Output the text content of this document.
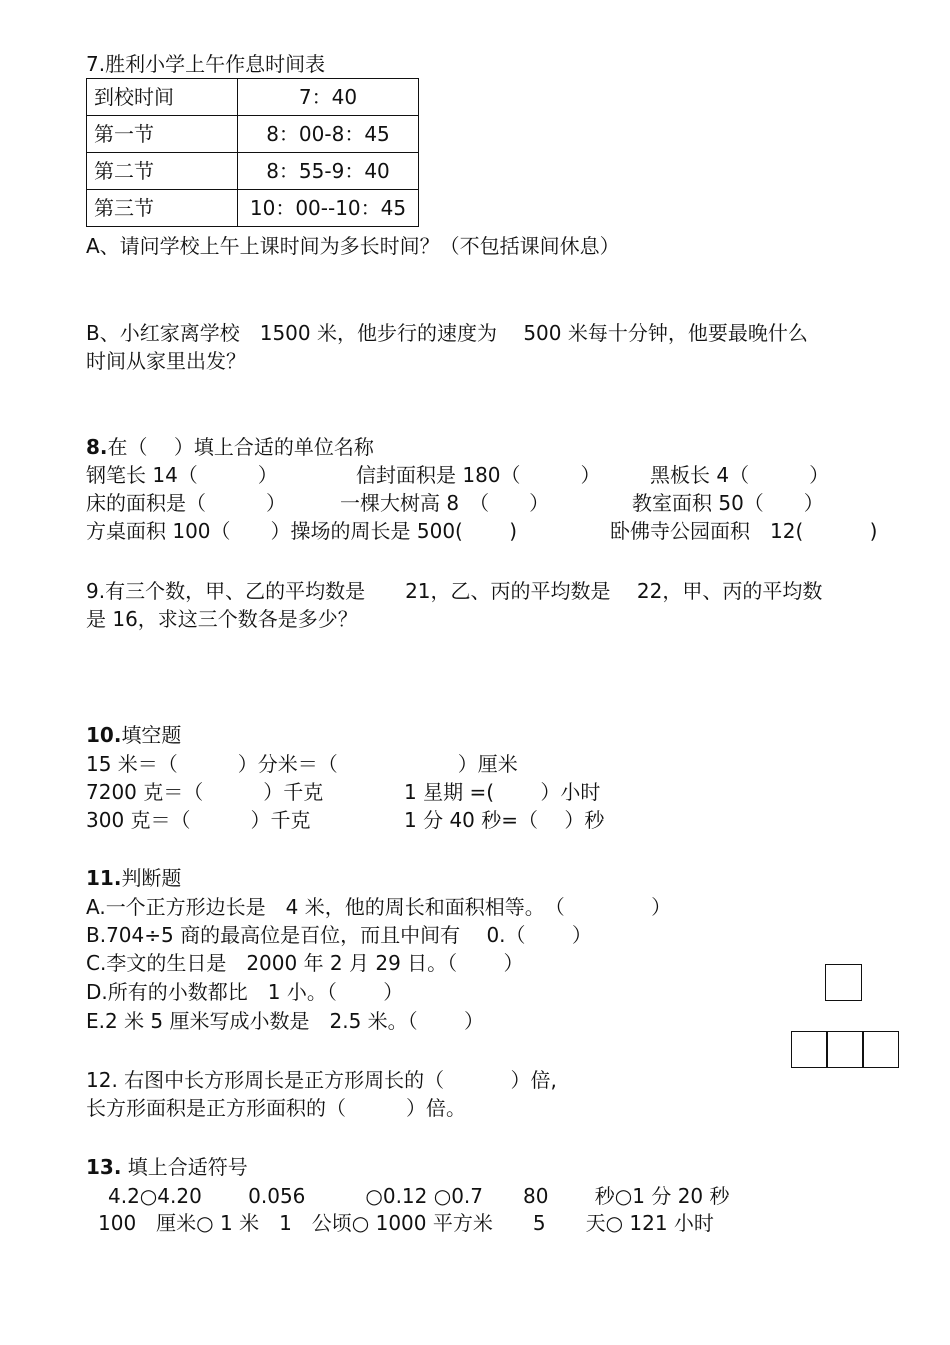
7.胜利小学上午作息时间表
到校时间	7：40
第一节	8：00-8：45
第二节	8：55-9：40
第三节	10：00--10：45
A、请问学校上午上课时间为多长时间？（不包括课间休息）
B、小红家离学校　1500 米，他步行的速度为　 500 米每十分钟，他要最晚什么
时间从家里出发？
8.在（　 ）填上合适的单位名称
钢笔长 14（　　　）	信封面积是 180（　　　） 黑板长 4（　　　）
床的面积是（　　　）	一棵大树高 8　（　　）	教室面积 50（　　）
方桌面积 100（　　）操场的周长是 500(　　 )	卧佛寺公园面积　12(　　　 )
9.有三个数，甲、乙的平均数是　　21，乙、丙的平均数是　 22，甲、丙的平均数
是 16，求这三个数各是多少？
10.填空题
15 米＝（　　　）分米＝（　　　　　　）厘米
7200 克＝（　　　）千克	1 星期 =(　　 ）小时
300 克＝（　　　）千克	1 分 40 秒=（　 ）秒
11.判断题
A.一个正方形边长是　4 米，他的周长和面积相等。　（　　　　 ）
B.704÷5 商的最高位是百位，而且中间有　 0.（　　 ）
C.李文的生日是　2000 年 2 月 29 日。（　　 ）
D.所有的小数都比　1 小。（　　 ）
E.2 米 5 厘米写成小数是　2.5 米。（　　 ）
12. 右图中长方形周长是正方形周长的（　　　 ）倍,
长方形面积是正方形面积的（　　　）倍。
13. 填上合适符号
4.2○4.20　　 0.056　　　○0.12 ○0.7　　80　　 秒○1 分 20 秒
100　厘米○ 1 米　1　公顷○ 1000 平方米　　5　　天○ 121 小时
